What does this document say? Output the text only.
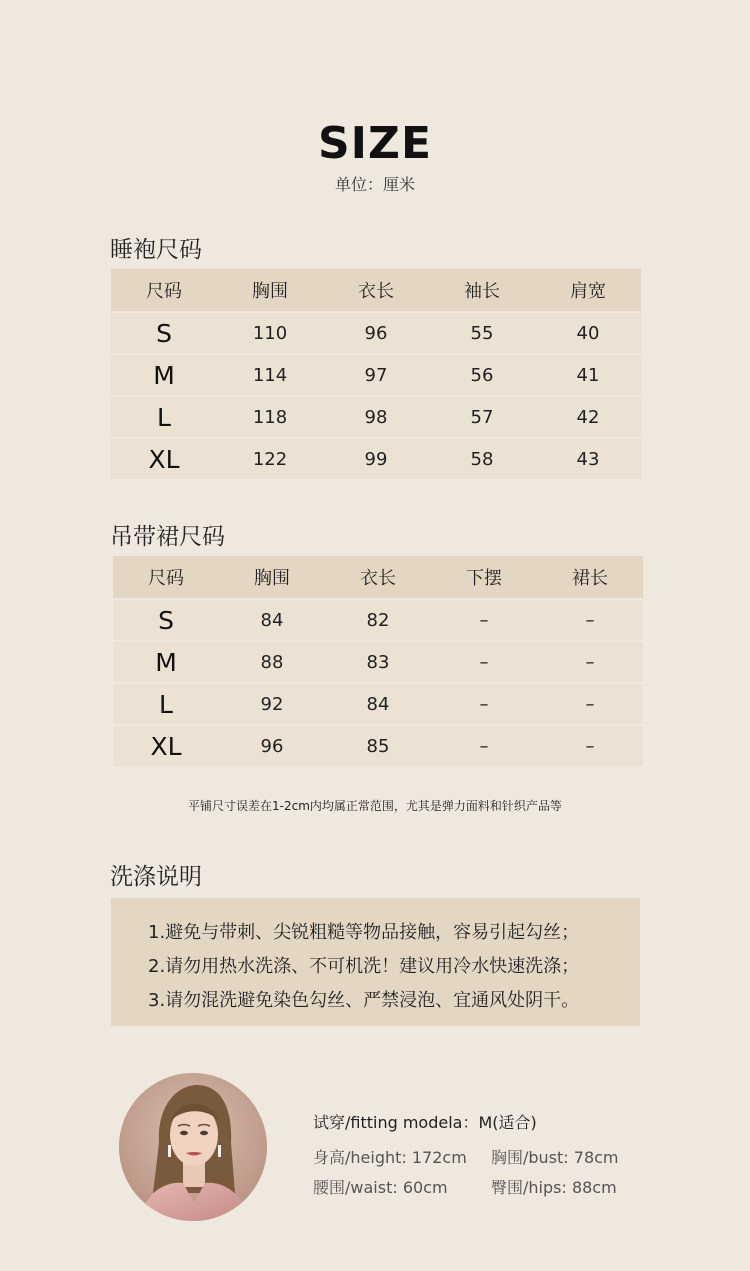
SIZE
单位：厘米
睡袍尺码
尺码	胸围	衣长	袖长	肩宽
S	110	96	55	40
M	114	97	56	41
L	118	98	57	42
XL	122	99	58	43
吊带裙尺码
尺码	胸围	衣长	下摆	裙长
S	84	82	–	–
M	88	83	–	–
L	92	84	–	–
XL	96	85	–	–
平铺尺寸误差在1-2cm内均属正常范围，尤其是弹力面料和针织产品等
洗涤说明
1.避免与带刺、尖锐粗糙等物品接触，容易引起勾丝；
2.请勿用热水洗涤、不可机洗！建议用冷水快速洗涤；
3.请勿混洗避免染色勾丝、严禁浸泡、宜通风处阴干。
试穿/fitting modela：M(适合)
身高/height: 172cm	胸围/bust: 78cm
腰围/waist: 60cm	臀围/hips: 88cm
